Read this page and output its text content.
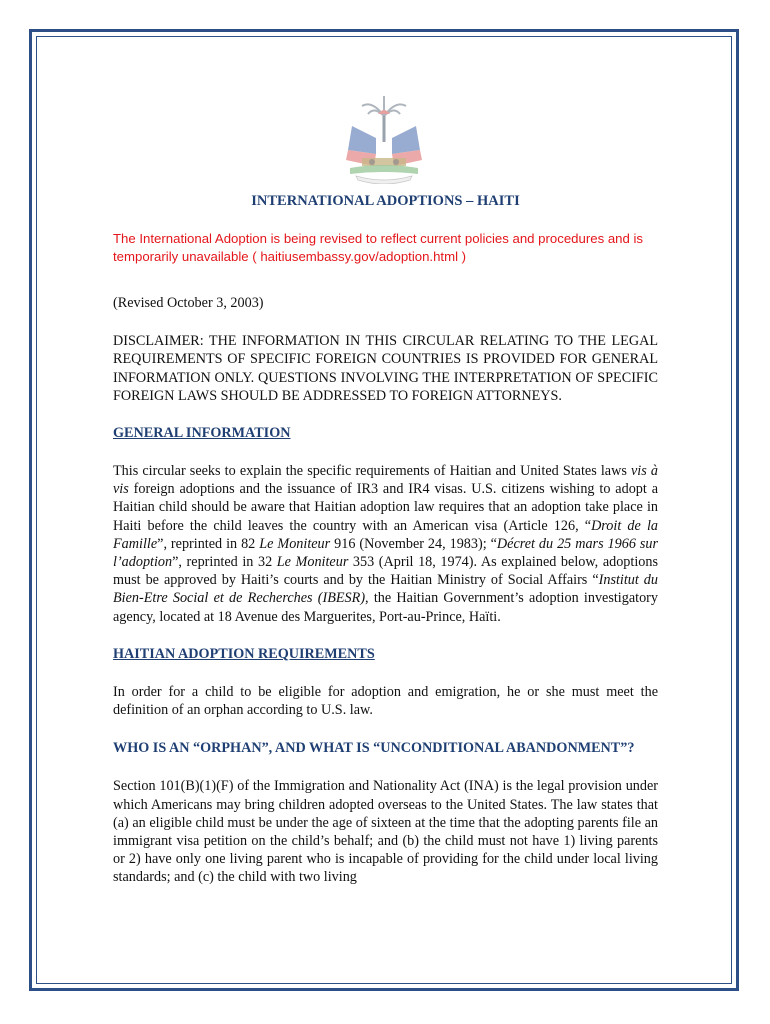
INTERNATIONAL ADOPTIONS – HAITI

The International Adoption is being revised to reflect current policies and procedures and is temporarily unavailable ( haitiusembassy.gov/adoption.html )

(Revised October 3, 2003)

DISCLAIMER: THE INFORMATION IN THIS CIRCULAR RELATING TO THE LEGAL REQUIREMENTS OF SPECIFIC FOREIGN COUNTRIES IS PROVIDED FOR GENERAL INFORMATION ONLY. QUESTIONS INVOLVING THE INTERPRETATION OF SPECIFIC FOREIGN LAWS SHOULD BE ADDRESSED TO FOREIGN ATTORNEYS.

GENERAL INFORMATION

This circular seeks to explain the specific requirements of Haitian and United States laws vis à vis foreign adoptions and the issuance of IR3 and IR4 visas. U.S. citizens wishing to adopt a Haitian child should be aware that Haitian adoption law requires that an adoption take place in Haiti before the child leaves the country with an American visa (Article 126, “Droit de la Famille”, reprinted in 82 Le Moniteur 916 (November 24, 1983); “Décret du 25 mars 1966 sur l’adoption”, reprinted in 32 Le Moniteur 353 (April 18, 1974). As explained below, adoptions must be approved by Haiti’s courts and by the Haitian Ministry of Social Affairs “Institut du Bien-Etre Social et de Recherches (IBESR), the Haitian Government’s adoption investigatory agency, located at 18 Avenue des Marguerites, Port-au-Prince, Haïti.

HAITIAN ADOPTION REQUIREMENTS

In order for a child to be eligible for adoption and emigration, he or she must meet the definition of an orphan according to U.S. law.

WHO IS AN “ORPHAN”, AND WHAT IS “UNCONDITIONAL ABANDONMENT”?

Section 101(B)(1)(F) of the Immigration and Nationality Act (INA) is the legal provision under which Americans may bring children adopted overseas to the United States. The law states that (a) an eligible child must be under the age of sixteen at the time that the adopting parents file an immigrant visa petition on the child’s behalf; and (b) the child must not have 1) living parents or 2) have only one living parent who is incapable of providing for the child under local living standards; and (c) the child with two living
